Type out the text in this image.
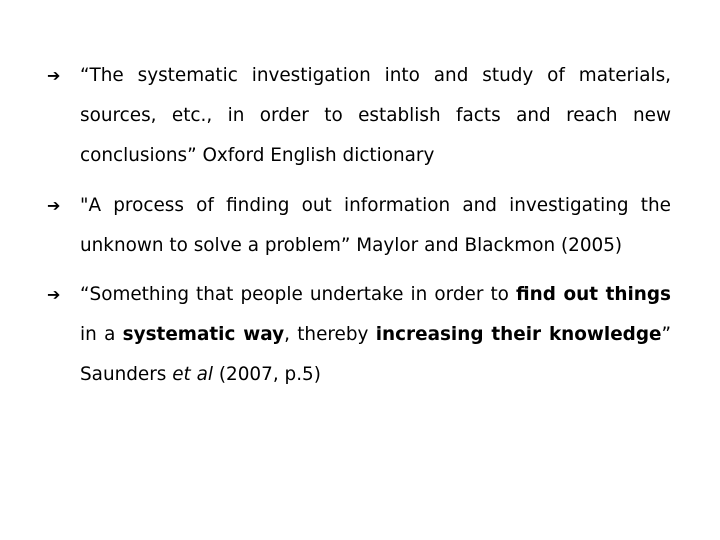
➔ “The systematic investigation into and study of materials, sources, etc., in order to establish facts and reach new conclusions” Oxford English dictionary
➔ "A process of finding out information and investigating the unknown to solve a problem” Maylor and Blackmon (2005)
➔ “Something that people undertake in order to find out things in a systematic way, thereby increasing their knowledge” Saunders et al (2007, p.5)
